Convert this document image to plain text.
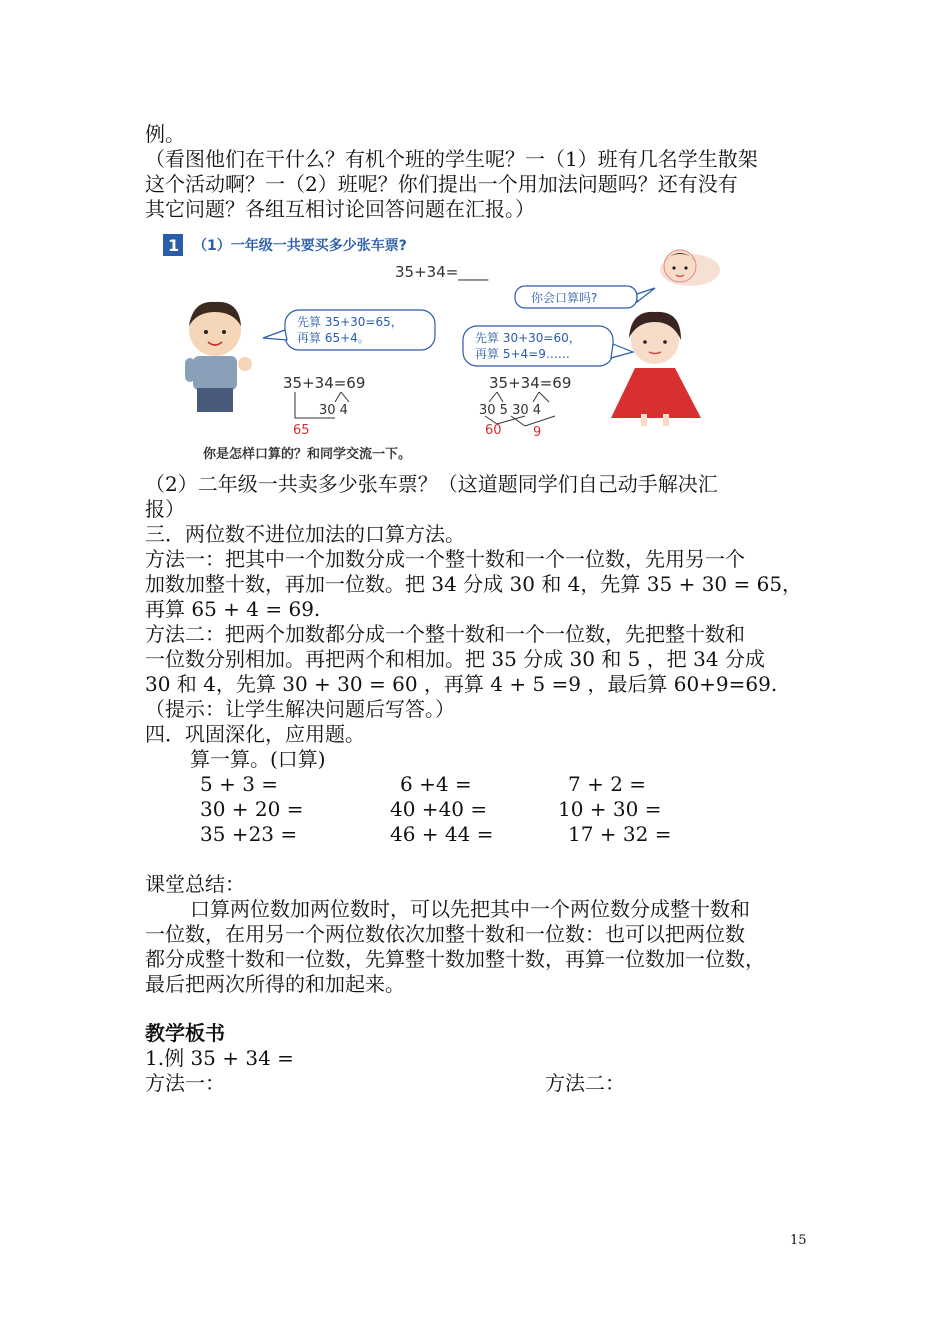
例。
（看图他们在干什么？有机个班的学生呢？一（1）班有几名学生散架
这个活动啊？一（2）班呢？你们提出一个用加法问题吗？还有没有
其它问题？各组互相讨论回答问题在汇报。）
1 （1）一年级一共要买多少张车票?
35+34=____
你会口算吗?
先算 35+30=65，
再算 65+4。	先算 30+30=60，
再算 5+4=9……
35+34=69
30 4
65
35+34=69
30 5 30 4
60 9
你是怎样口算的？和同学交流一下。
（2）二年级一共卖多少张车票？（这道题同学们自己动手解决汇
报）
三．两位数不进位加法的口算方法。
方法一：把其中一个加数分成一个整十数和一个一位数，先用另一个
加数加整十数，再加一位数。把 34 分成 30 和 4，先算 35 + 30 = 65，
再算 65 + 4 = 69.
方法二：把两个加数都分成一个整十数和一个一位数，先把整十数和
一位数分别相加。再把两个和相加。把 35 分成 30 和 5 ，把 34 分成
30 和 4，先算 30 + 30 = 60 ，再算 4 + 5 =9 ，最后算 60+9=69.
（提示：让学生解决问题后写答。）
四．巩固深化，应用题。
算一算。(口算)
5 + 3 =	6 +4 =	7 + 2 =
30 + 20 =	40 +40 =	10 + 30 =
35 +23 =	46 + 44 =	17 + 32 =
课堂总结：
口算两位数加两位数时，可以先把其中一个两位数分成整十数和
一位数，在用另一个两位数依次加整十数和一位数：也可以把两位数
都分成整十数和一位数，先算整十数加整十数，再算一位数加一位数，
最后把两次所得的和加起来。
教学板书
1.例 35 + 34 =
方法一：	方法二：
15
